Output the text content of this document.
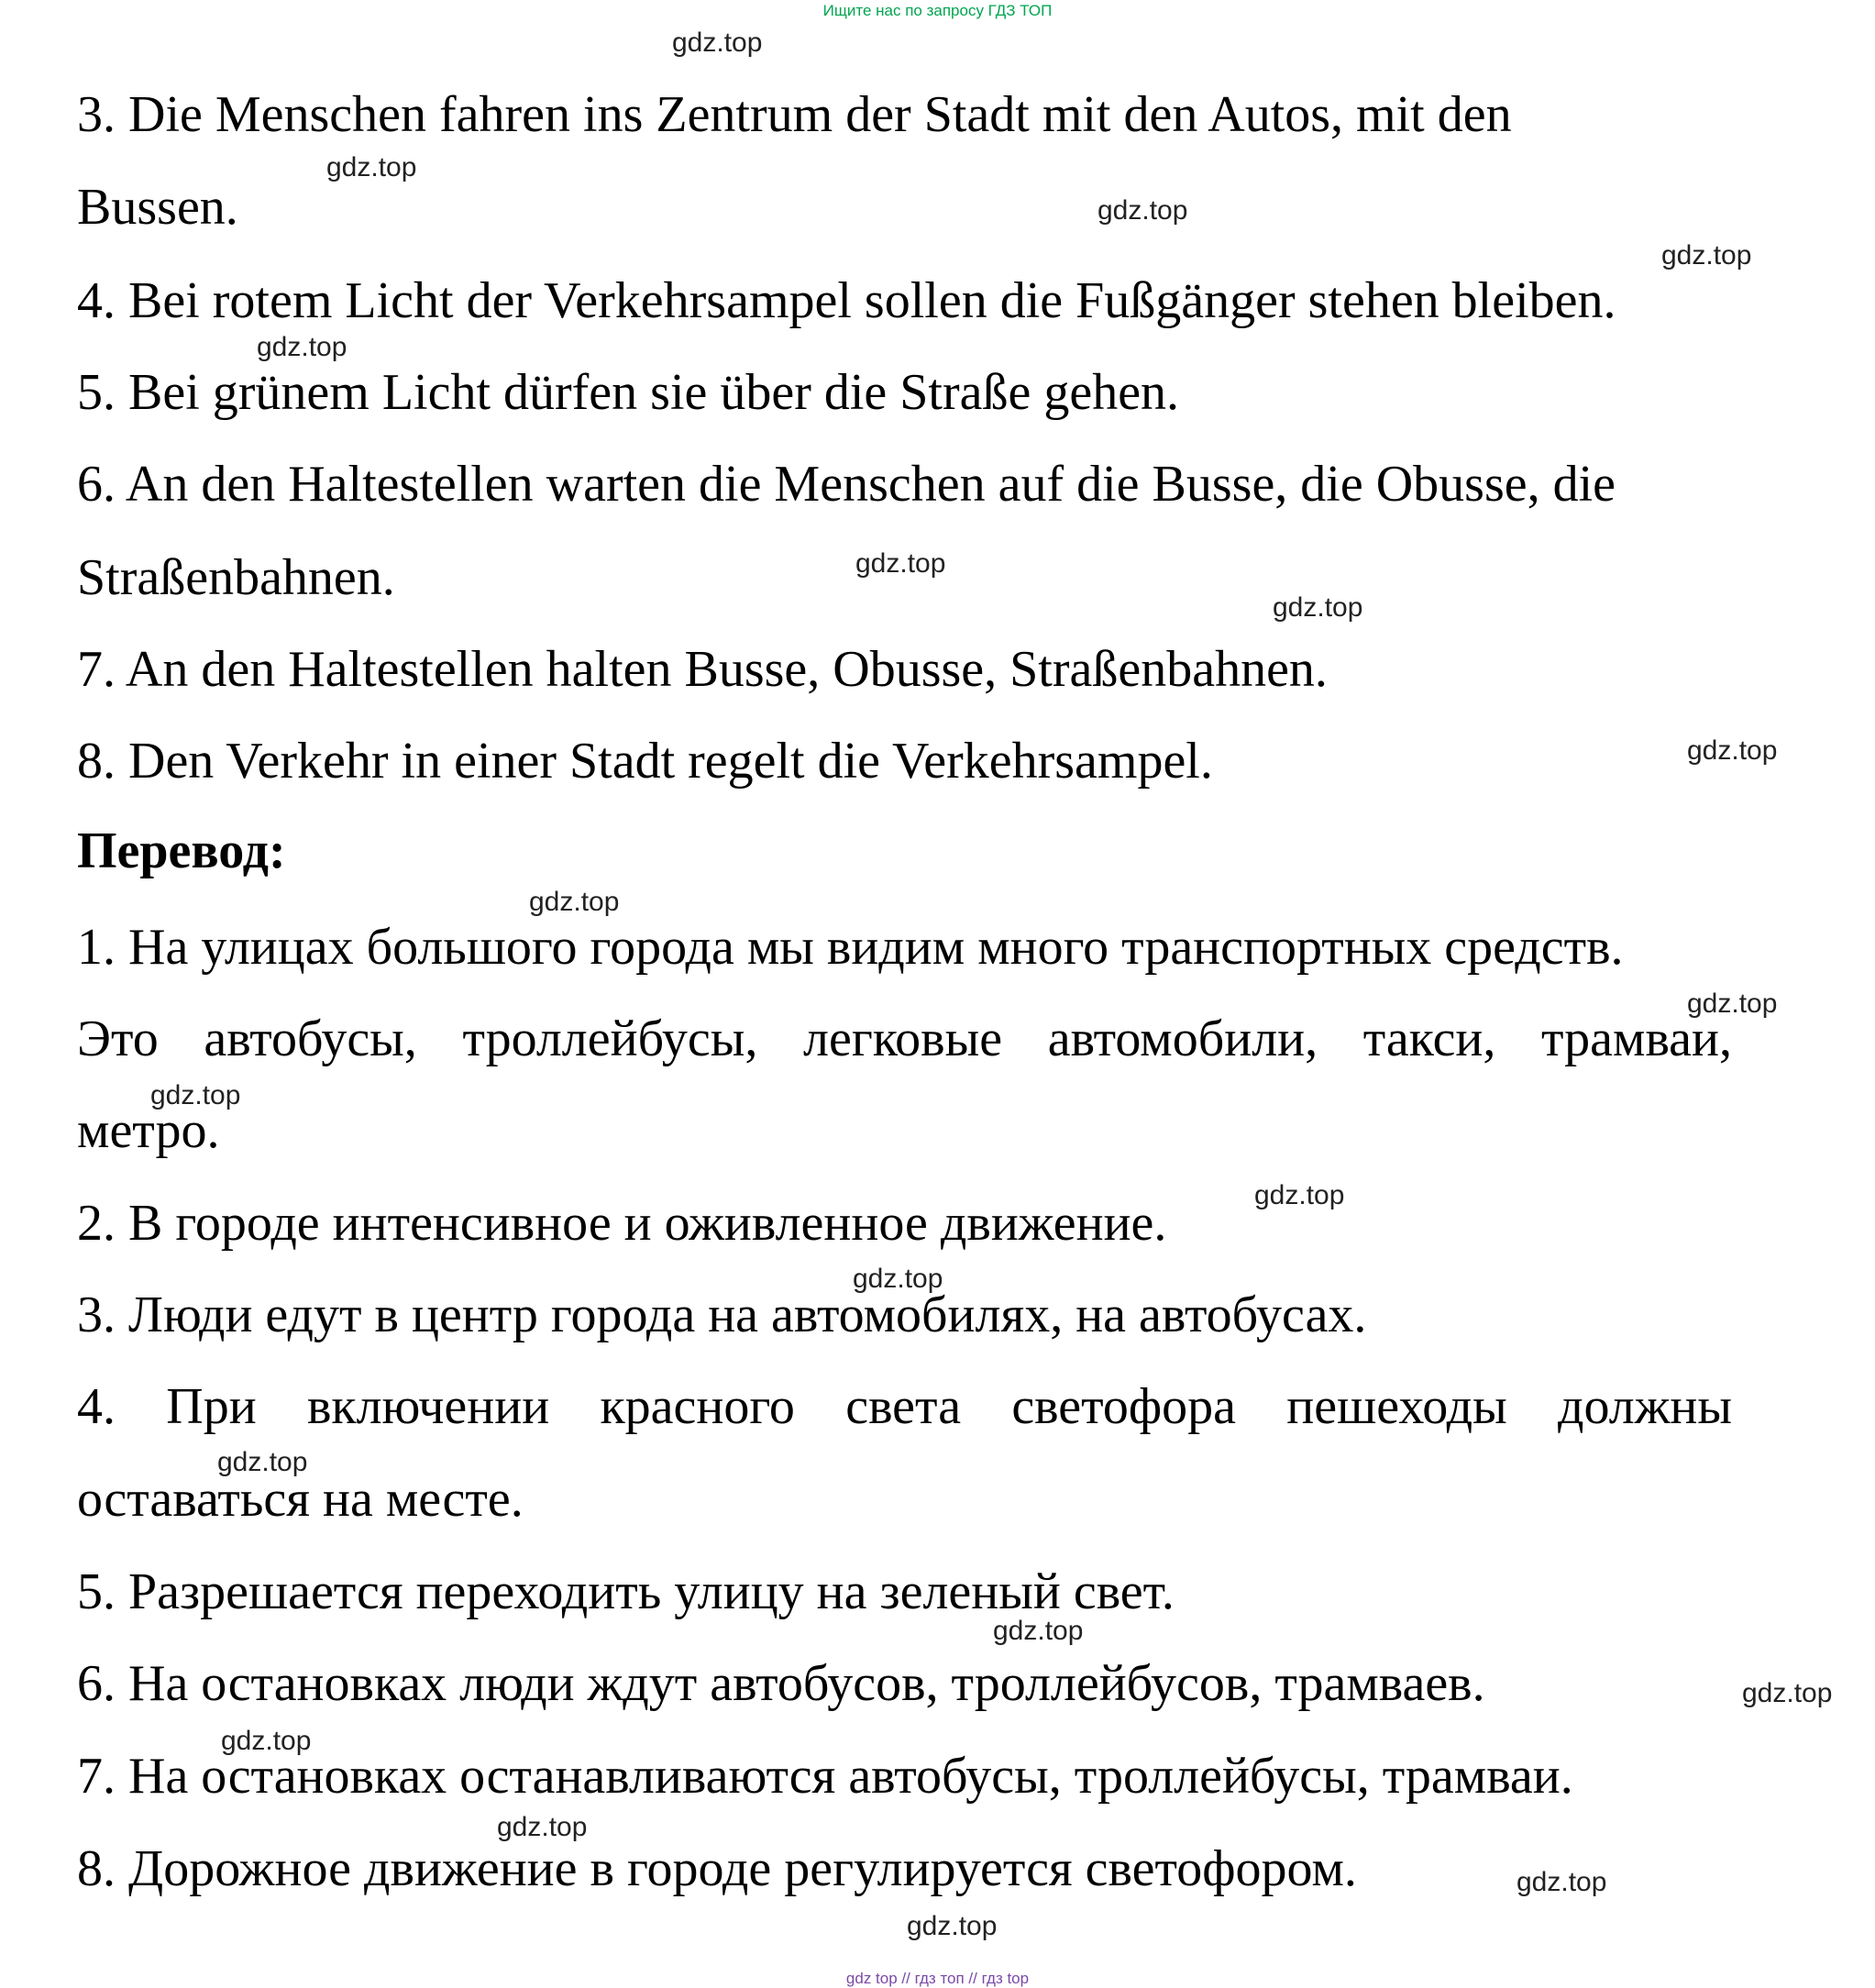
Ищите нас по запросу ГДЗ ТОП
3. Die Menschen fahren ins Zentrum der Stadt mit den Autos, mit den
Bussen.
4. Bei rotem Licht der Verkehrsampel sollen die Fußgänger stehen bleiben.
5. Bei grünem Licht dürfen sie über die Straße gehen.
6. An den Haltestellen warten die Menschen auf die Busse, die Obusse, die
Straßenbahnen.
7. An den Haltestellen halten Busse, Obusse, Straßenbahnen.
8. Den Verkehr in einer Stadt regelt die Verkehrsampel.
Перевод:
1. На улицах большого города мы видим много транспортных средств.
Это автобусы, троллейбусы, легковые автомобили, такси, трамваи,
метро.
2. В городе интенсивное и оживленное движение.
3. Люди едут в центр города на автомобилях, на автобусах.
4. При включении красного света светофора пешеходы должны
оставаться на месте.
5. Разрешается переходить улицу на зеленый свет.
6. На остановках люди ждут автобусов, троллейбусов, трамваев.
7. На остановках останавливаются автобусы, троллейбусы, трамваи.
8. Дорожное движение в городе регулируется светофором.
gdz.top
gdz.top
gdz.top
gdz.top
gdz.top
gdz.top
gdz.top
gdz.top
gdz.top
gdz.top
gdz.top
gdz.top
gdz.top
gdz.top
gdz.top
gdz.top
gdz.top
gdz.top
gdz.top
gdz.top
gdz top // гдз топ // гдз top
